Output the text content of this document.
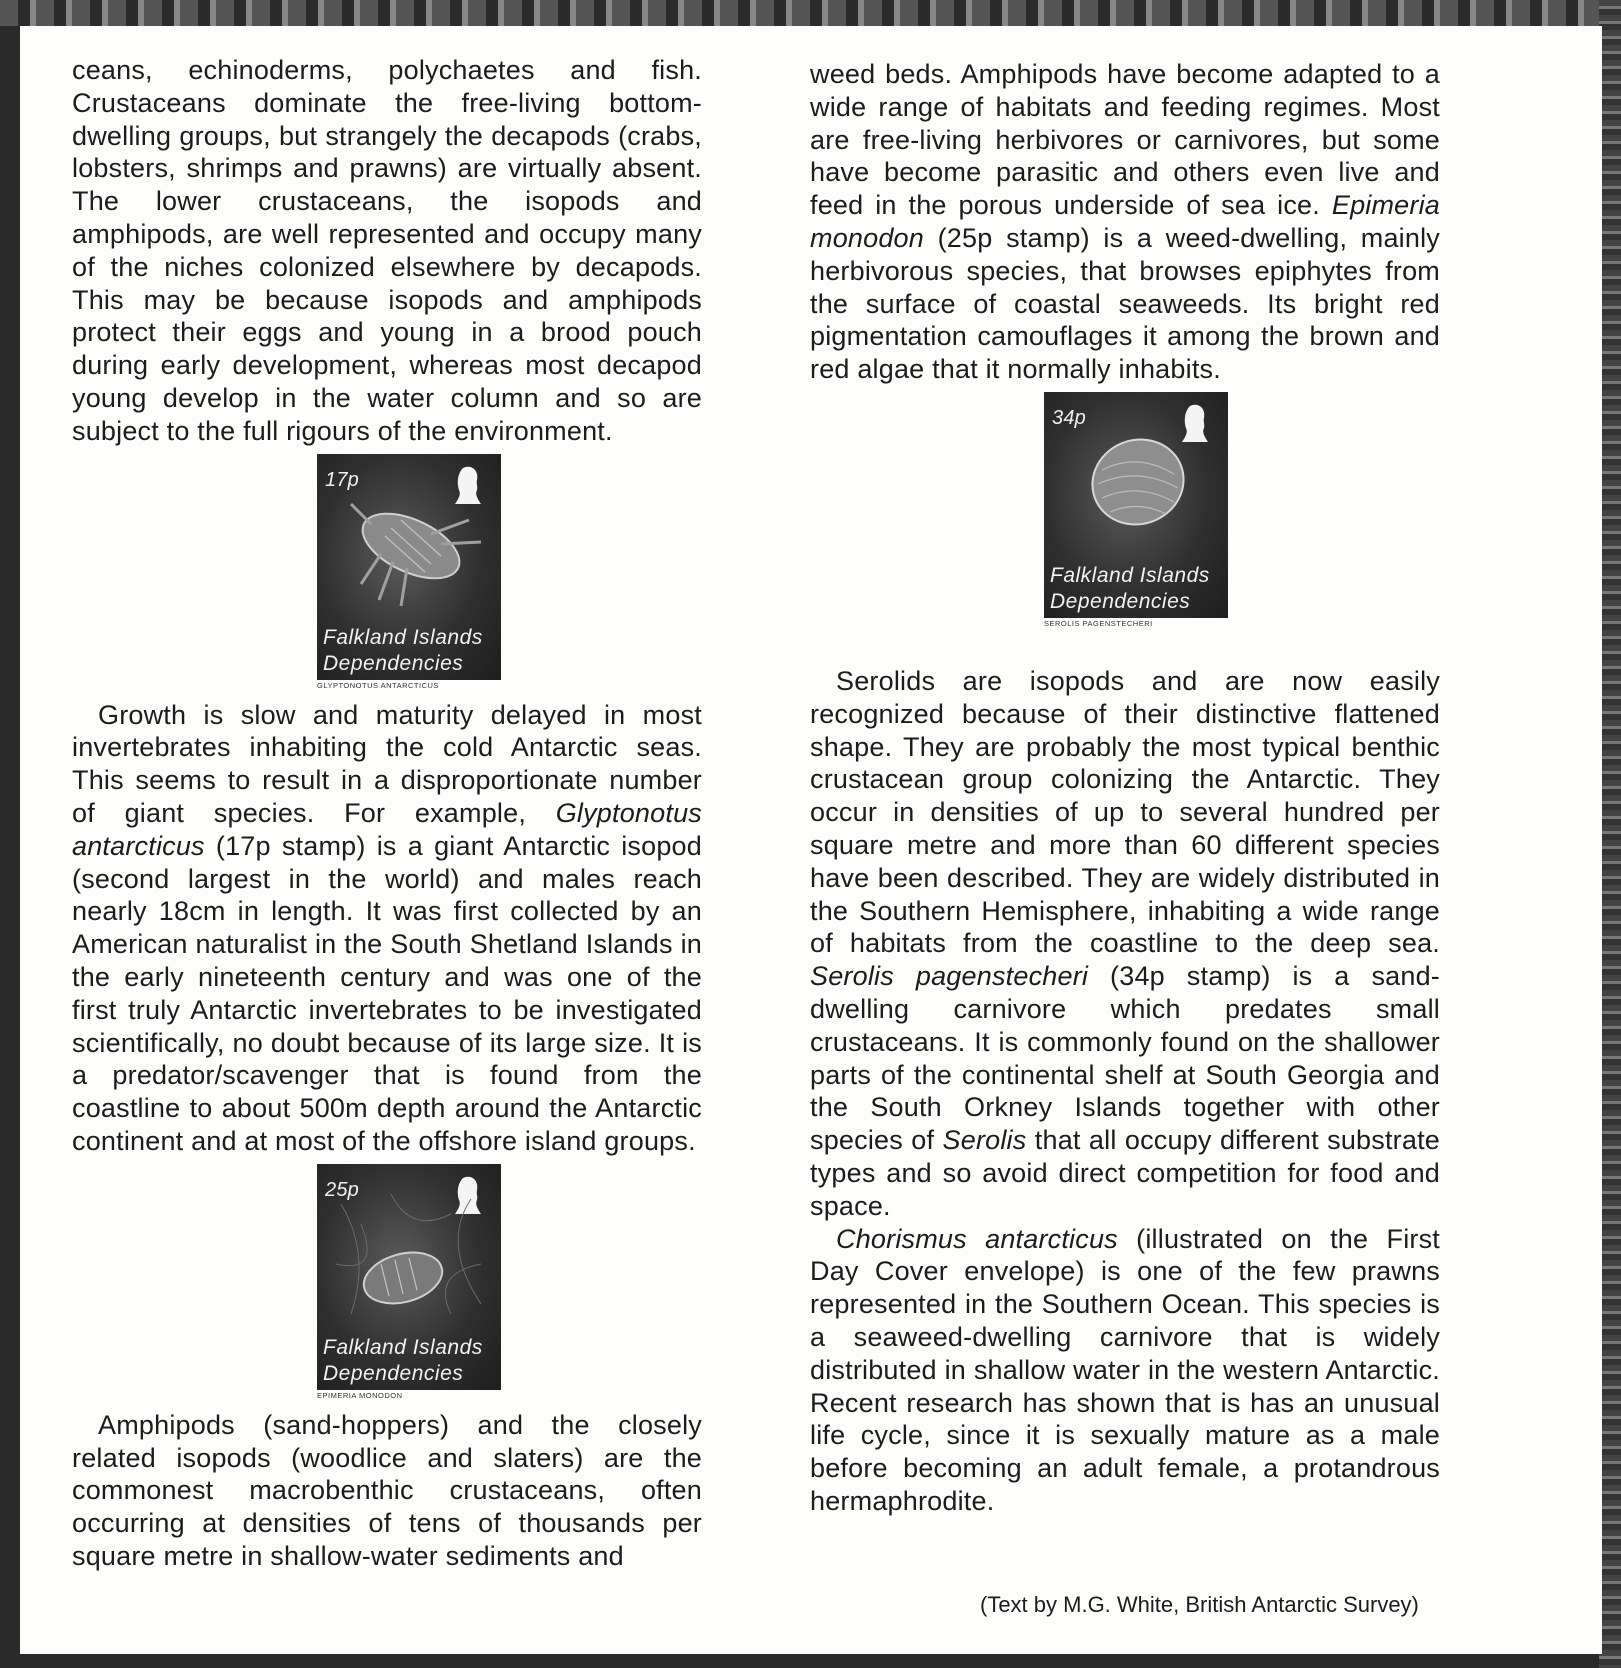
ceans, echinoderms, polychaetes and fish. Crustaceans dominate the free-living bottom-dwelling groups, but strangely the decapods (crabs, lobsters, shrimps and prawns) are virtually absent. The lower crustaceans, the isopods and amphipods, are well represented and occupy many of the niches colonized elsewhere by decapods. This may be because isopods and amphipods protect their eggs and young in a brood pouch during early development, whereas most decapod young develop in the water column and so are subject to the full rigours of the environment.

17p
Falkland Islands
Dependencies
GLYPTONOTUS ANTARCTICUS

Growth is slow and maturity delayed in most invertebrates inhabiting the cold Antarctic seas. This seems to result in a disproportionate number of giant species. For example, Glyptonotus antarcticus (17p stamp) is a giant Antarctic isopod (second largest in the world) and males reach nearly 18cm in length. It was first collected by an American naturalist in the South Shetland Islands in the early nineteenth century and was one of the first truly Antarctic invertebrates to be investigated scientifically, no doubt because of its large size. It is a predator/scavenger that is found from the coastline to about 500m depth around the Antarctic continent and at most of the offshore island groups.

25p
Falkland Islands
Dependencies
EPIMERIA MONODON

Amphipods (sand-hoppers) and the closely related isopods (woodlice and slaters) are the commonest macrobenthic crustaceans, often occurring at densities of tens of thousands per square metre in shallow-water sediments and

weed beds. Amphipods have become adapted to a wide range of habitats and feeding regimes. Most are free-living herbivores or carnivores, but some have become parasitic and others even live and feed in the porous underside of sea ice. Epimeria monodon (25p stamp) is a weed-dwelling, mainly herbivorous species, that browses epiphytes from the surface of coastal seaweeds. Its bright red pigmentation camouflages it among the brown and red algae that it normally inhabits.

34p
Falkland Islands
Dependencies
SEROLIS PAGENSTECHERI

Serolids are isopods and are now easily recognized because of their distinctive flattened shape. They are probably the most typical benthic crustacean group colonizing the Antarctic. They occur in densities of up to several hundred per square metre and more than 60 different species have been described. They are widely distributed in the Southern Hemisphere, inhabiting a wide range of habitats from the coastline to the deep sea. Serolis pagenstecheri (34p stamp) is a sand-dwelling carnivore which predates small crustaceans. It is commonly found on the shallower parts of the continental shelf at South Georgia and the South Orkney Islands together with other species of Serolis that all occupy different substrate types and so avoid direct competition for food and space.

Chorismus antarcticus (illustrated on the First Day Cover envelope) is one of the few prawns represented in the Southern Ocean. This species is a seaweed-dwelling carnivore that is widely distributed in shallow water in the western Antarctic. Recent research has shown that is has an unusual life cycle, since it is sexually mature as a male before becoming an adult female, a protandrous hermaphrodite.

(Text by M.G. White, British Antarctic Survey)
